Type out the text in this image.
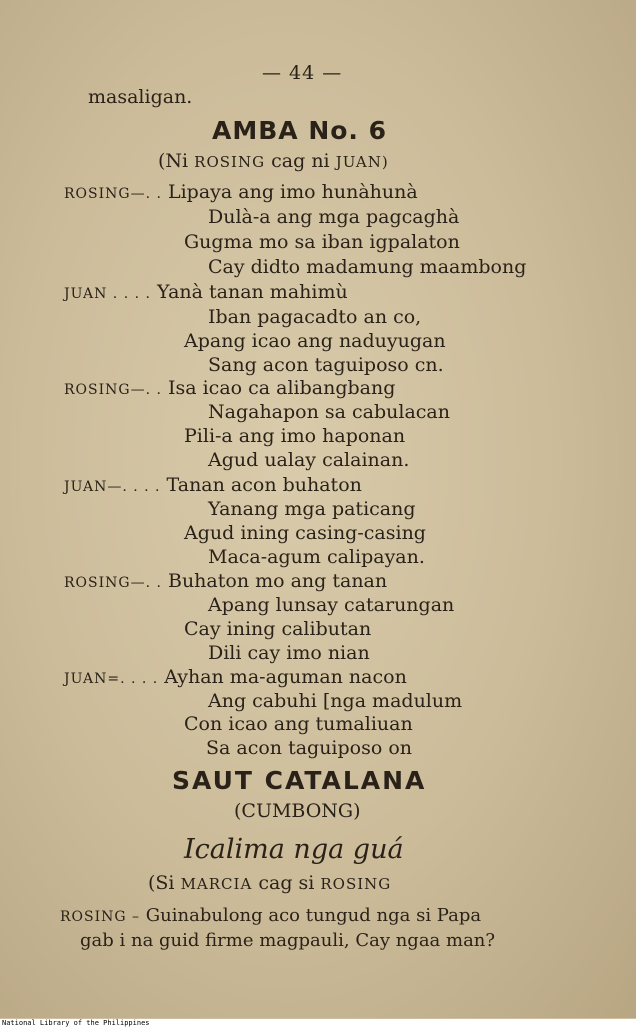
— 44 —
masaligan.
AMBA No. 6
(Ni ROSING cag ni JUAN)
ROSING—. . Lipaya ang imo hunàhunà
Dulà-a ang mga pagcaghà
Gugma mo sa iban igpalaton
Cay didto madamung maambong
JUAN . . . . Yanà tanan mahimù
Iban pagacadto an co,
Apang icao ang naduyugan
Sang acon taguiposo cn.
ROSING—. . Isa icao ca alibangbang
Nagahapon sa cabulacan
Pili-a ang imo haponan
Agud ualay calainan.
JUAN—. . . . Tanan acon buhaton
Yanang mga paticang
Agud ining casing-casing
Maca-agum calipayan.
ROSING—. . Buhaton mo ang tanan
Apang lunsay catarungan
Cay ining calibutan
Dili cay imo nian
JUAN=. . . . Ayhan ma-aguman nacon
Ang cabuhi [nga madulum
Con icao ang tumaliuan
Sa acon taguiposo on
SAUT CATALANA
(CUMBONG)
Icalima nga guá
(Si MARCIA cag si ROSING
ROSING – Guinabulong aco tungud nga si Papa
gab i na guid firme magpauli, Cay ngaa man?
National Library of the Philippines
